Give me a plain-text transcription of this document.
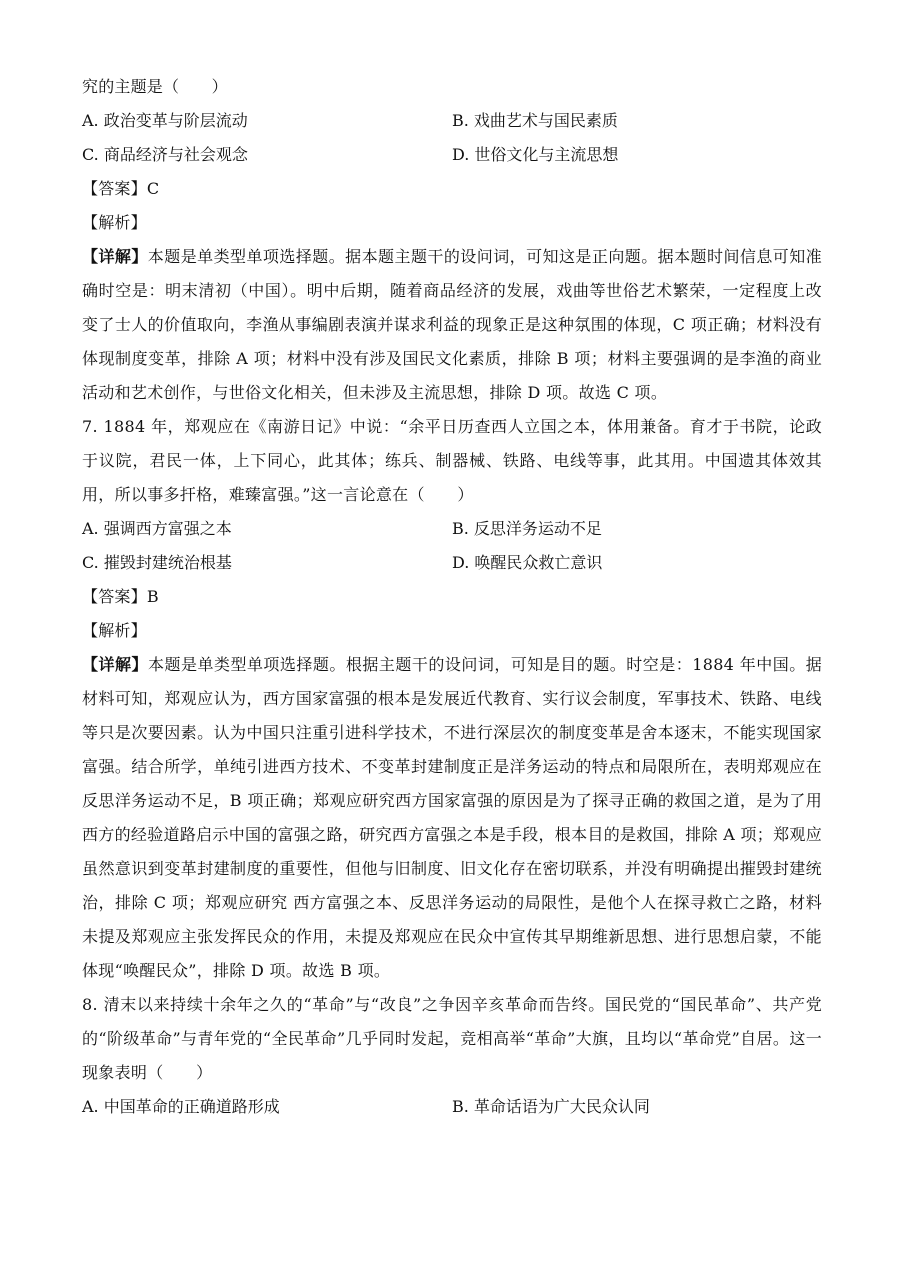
究的主题是（　　）
A. 政治变革与阶层流动	B. 戏曲艺术与国民素质
C. 商品经济与社会观念	D. 世俗文化与主流思想
【答案】C
【解析】
【详解】本题是单类型单项选择题。据本题主题干的设问词，可知这是正向题。据本题时间信息可知准确时空是：明末清初（中国）。明中后期，随着商品经济的发展，戏曲等世俗艺术繁荣，一定程度上改变了士人的价值取向，李渔从事编剧表演并谋求利益的现象正是这种氛围的体现，C 项正确；材料没有体现制度变革，排除 A 项；材料中没有涉及国民文化素质，排除 B 项；材料主要强调的是李渔的商业活动和艺术创作，与世俗文化相关，但未涉及主流思想，排除 D 项。故选 C 项。
7. 1884 年，郑观应在《南游日记》中说：“余平日历查西人立国之本，体用兼备。育才于书院，论政于议院，君民一体，上下同心，此其体；练兵、制器械、铁路、电线等事，此其用。中国遗其体效其用，所以事多扞格，难臻富强。”这一言论意在（　　）
A. 强调西方富强之本	B. 反思洋务运动不足
C. 摧毁封建统治根基	D. 唤醒民众救亡意识
【答案】B
【解析】
【详解】本题是单类型单项选择题。根据主题干的设问词，可知是目的题。时空是：1884 年中国。据材料可知，郑观应认为，西方国家富强的根本是发展近代教育、实行议会制度，军事技术、铁路、电线等只是次要因素。认为中国只注重引进科学技术，不进行深层次的制度变革是舍本逐末，不能实现国家富强。结合所学，单纯引进西方技术、不变革封建制度正是洋务运动的特点和局限所在，表明郑观应在反思洋务运动不足，B 项正确；郑观应研究西方国家富强的原因是为了探寻正确的救国之道，是为了用西方的经验道路启示中国的富强之路，研究西方富强之本是手段，根本目的是救国，排除 A 项；郑观应虽然意识到变革封建制度的重要性，但他与旧制度、旧文化存在密切联系，并没有明确提出摧毁封建统治，排除 C 项；郑观应研究 西方富强之本、反思洋务运动的局限性，是他个人在探寻救亡之路，材料未提及郑观应主张发挥民众的作用，未提及郑观应在民众中宣传其早期维新思想、进行思想启蒙，不能体现“唤醒民众”，排除 D 项。故选 B 项。
8. 清末以来持续十余年之久的“革命”与“改良”之争因辛亥革命而告终。国民党的“国民革命”、共产党的“阶级革命”与青年党的“全民革命”几乎同时发起，竞相高举“革命”大旗，且均以“革命党”自居。这一现象表明（　　）
A. 中国革命的正确道路形成	B. 革命话语为广大民众认同
